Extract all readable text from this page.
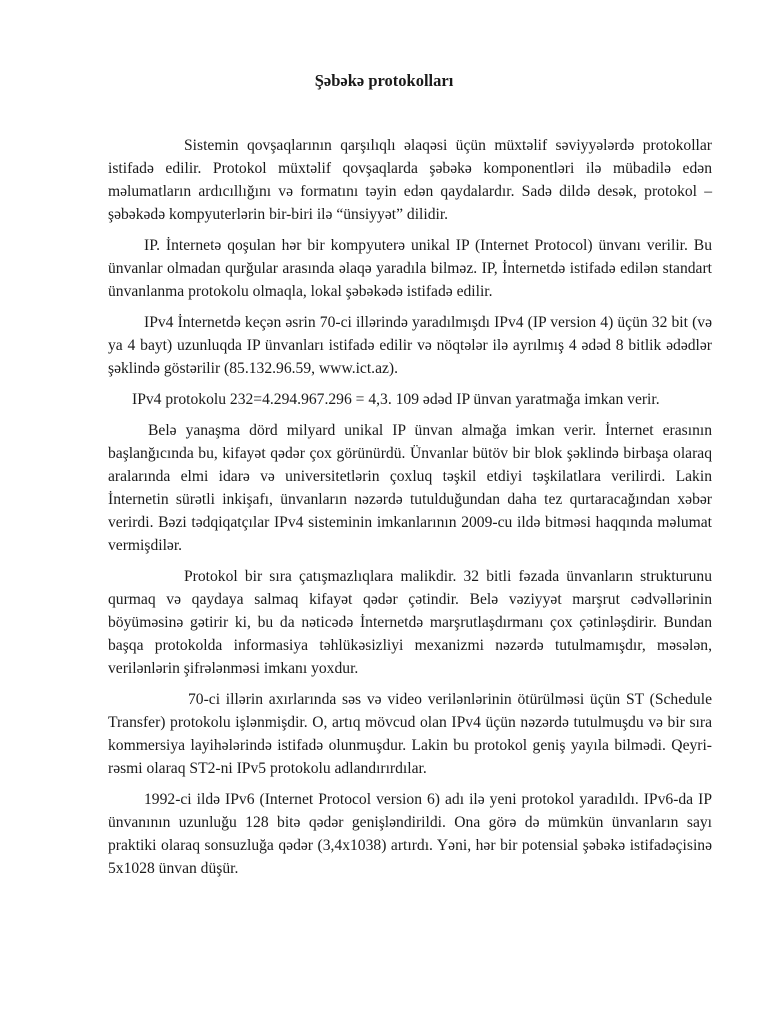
Şəbəkə protokolları

Sistemin qovşaqlarının qarşılıqlı əlaqəsi üçün müxtəlif səviyyələrdə protokollar istifadə edilir. Protokol müxtəlif qovşaqlarda şəbəkə komponentləri ilə mübadilə edən məlumatların ardıcıllığını və formatını təyin edən qaydalardır. Sadə dildə desək, protokol – şəbəkədə kompyuterlərin bir-biri ilə “ünsiyyət” dilidir.

IP. İnternetə qoşulan hər bir kompyuterə unikal IP (Internet Protocol) ünvanı verilir. Bu ünvanlar olmadan qurğular arasında əlaqə yaradıla bilməz. IP, İnternetdə istifadə edilən standart ünvanlanma protokolu olmaqla, lokal şəbəkədə istifadə edilir.

IPv4 İnternetdə keçən əsrin 70-ci illərində yaradılmışdı IPv4 (IP version 4) üçün 32 bit (və ya 4 bayt) uzunluqda IP ünvanları istifadə edilir və nöqtələr ilə ayrılmış 4 ədəd 8 bitlik ədədlər şəklində göstərilir (85.132.96.59, www.ict.az).

IPv4 protokolu 232=4.294.967.296 = 4,3. 109 ədəd IP ünvan yaratmağa imkan verir.

Belə yanaşma dörd milyard unikal IP ünvan almağa imkan verir. İnternet erasının başlanğıcında bu, kifayət qədər çox görünürdü. Ünvanlar bütöv bir blok şəklində birbaşa olaraq aralarında elmi idarə və universitetlərin çoxluq təşkil etdiyi təşkilatlara verilirdi. Lakin İnternetin sürətli inkişafı, ünvanların nəzərdə tutulduğundan daha tez qurtaracağından xəbər verirdi. Bəzi tədqiqatçılar IPv4 sisteminin imkanlarının 2009-cu ildə bitməsi haqqında məlumat vermişdilər.

Protokol bir sıra çatışmazlıqlara malikdir. 32 bitli fəzada ünvanların strukturunu qurmaq və qaydaya salmaq kifayət qədər çətindir. Belə vəziyyət marşrut cədvəllərinin böyüməsinə gətirir ki, bu da nəticədə İnternetdə marşrutlaşdırmanı çox çətinləşdirir. Bundan başqa protokolda informasiya təhlükəsizliyi mexanizmi nəzərdə tutulmamışdır, məsələn, verilənlərin şifrələnməsi imkanı yoxdur.

70-ci illərin axırlarında səs və video verilənlərinin ötürülməsi üçün ST (Schedule Transfer) protokolu işlənmişdir. O, artıq mövcud olan IPv4 üçün nəzərdə tutulmuşdu və bir sıra kommersiya layihələrində istifadə olunmuşdur. Lakin bu protokol geniş yayıla bilmədi. Qeyri-rəsmi olaraq ST2-ni IPv5 protokolu adlandırırdılar.

1992-ci ildə IPv6 (Internet Protocol version 6) adı ilə yeni protokol yaradıldı. IPv6-da IP ünvanının uzunluğu 128 bitə qədər genişləndirildi. Ona görə də mümkün ünvanların sayı praktiki olaraq sonsuzluğa qədər (3,4x1038) artırdı. Yəni, hər bir potensial şəbəkə istifadəçisinə 5x1028 ünvan düşür.
